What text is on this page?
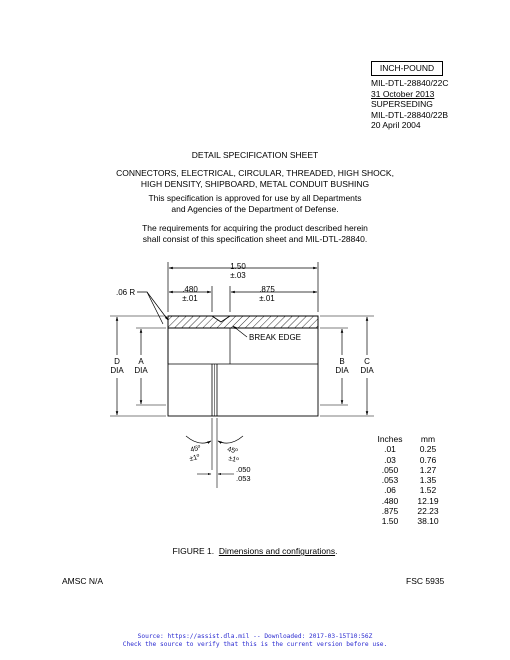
INCH-POUND
MIL-DTL-28840/22C
31 October 2013
SUPERSEDING
MIL-DTL-28840/22B
20 April 2004
DETAIL SPECIFICATION SHEET
CONNECTORS, ELECTRICAL, CIRCULAR, THREADED, HIGH SHOCK,
HIGH DENSITY, SHIPBOARD, METAL CONDUIT BUSHING
This specification is approved for use by all Departments
and Agencies of the Department of Defense.
The requirements for acquiring the product described herein
shall consist of this specification sheet and MIL-DTL-28840.
1.50
±.03
.480
±.01
.875
±.01
.06 R
BREAK EDGE
D
DIA
A
DIA
B
DIA
C
DIA
45º
±1º
45º
±1º
.050
.053
Inches	mm
.01	0.25
.03	0.76
.050	1.27
.053	1.35
.06	1.52
.480	12.19
.875	22.23
1.50	38.10
FIGURE 1. Dimensions and configurations.
AMSC N/A	FSC 5935
Source: https://assist.dla.mil -- Downloaded: 2017-03-15T10:56Z
Check the source to verify that this is the current version before use.
